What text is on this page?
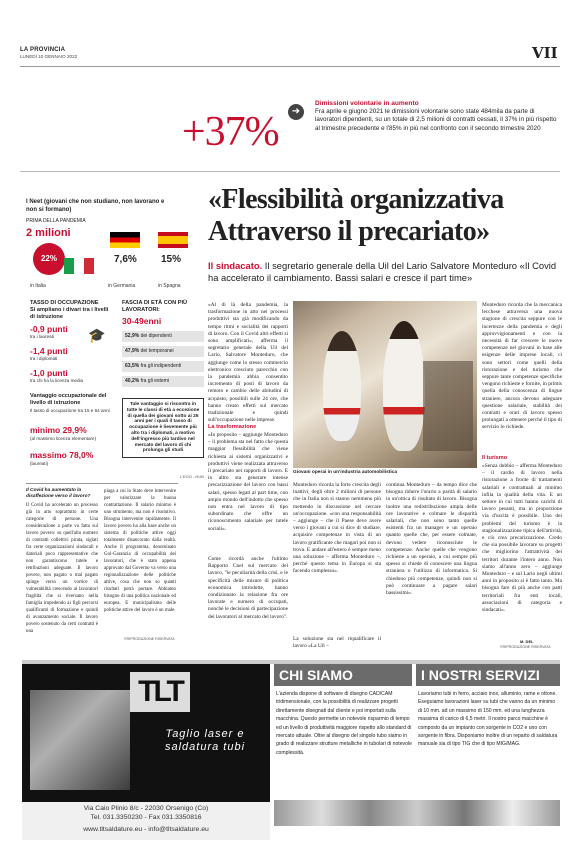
LA PROVINCIA
LUNEDÌ 10 GENNAIO 2022	VII
+37%	➜
Dimissioni volontarie in aumento
Fra aprile e giugno 2021 le dimissioni volontarie sono state 484mila da parte di lavoratori dipendenti, su un totale di 2,5 milioni di contratti cessati, il 37% in più rispetto al trimestre precedente e l'85% in più nel confronto con il secondo trimestre 2020
I Neet (giovani che non studiano, non lavorano e non si formano)
PRIMA DELLA PANDEMIA
2 milioni
22%
in Italia
7,6%
in Germania
15%
in Spagna
TASSO DI OCCUPAZIONE
Si ampliano i divari tra i livelli di istruzione
-0,9 punti
tra i laureati
-1,4 punti
tra i diplomati
-1,0 punti
tra chi ha la licenza media
🎓
FASCIA DI ETÀ CON PIÙ LAVORATORI:
30-49enni
52,9% dei dipendenti
47,9% dei temporanei
63,5% fra gli indipendenti
40,2% fra gli esterni
Vantaggio occupazionale del livello di istruzione
Il tasso di occupazione tra 15 e 64 anni
minimo 29,9%
(al massimo licenza elementare)
massimo 78,0%
(laureati)
Tale vantaggio si riscontra in tutte le classi di età a eccezione di quella dei giovani sotto ai 25 anni per i quali il tasso di occupazione è lievemente più alto tra i diplomati, a motivo dell'ingresso più tardivo nel mercato del lavoro di chi prolunga gli studi
L'EGO - HUB
Il Covid ha aumentato la disaffezione verso il lavoro?
Il Covid ha accelerato un processo già in atto soprattutto in certe categorie di persone. Una considerazione a parte va fatta sul lavoro povero: su quell'alto numero di contratti collettivi pirata, siglati fra certe organizzazioni sindacali e datoriali poco rappresentative che non garantiscono tutele e retribuzioni adeguate. Il lavoro povero, non pagato o mal pagato spinge verso un vortice di vulnerabilità crescendo al lavoratori fragilità che si riversano nella famiglia impedendo ai figli percorsi qualificanti di formazione e quindi di avanzamento sociale. Il lavoro povero sostenuto da certi contratti è una
piaga a cui lo Stato deve intervenire per valorizzare la buona contrattazione. Il salario minimo è uno strumento, ma non è risolutivo. Bisogna intervenire rapidamente. Il lavoro povero ha alla base anche un sistema di politiche attive oggi totalmente disancorato dalla realtà. Anche il programma, denominato Gol-Garanzia di occupabilità dei lavoratori, che è stato appena approvato dal Governo va verso una regionalizzazione delle politiche attive, cosa che non so quanti risultati potrà portare. Abbiamo bisogno di una politica nazionale ed europea. E municipalismo delle politiche attive del lavoro è un male.
©RIPRODUZIONE RISERVATA
«Flessibilità organizzativa Attraverso il precariato»
Il sindacato. Il segretario generale della Uil del Lario Salvatore Monteduro «Il Covid ha accelerato il cambiamento. Bassi salari e cresce il part time»
«Al di là della pandemia, la trasformazione in atto nei processi produttivi sta già modificando da tempo ritmi e socialità dei rapporti di lavoro. Con il Covid altri effetti si sono amplificati», afferma il segretario generale della Uil del Lario, Salvatore Monteduro, che aggiunge come lo stesso commercio elettronico cresciuto parecchio con la pandemia abbia consentito incremento di posti di lavoro da remoto e cambio delle abitudini di acquisto, possibili sulle 24 ore, che hanno creato effetti sul mercato tradizionale e quindi sull'occupazione nelle imprese.
La trasformazione
«In proposito – aggiunge Monteduro – il problema sta nel fatto che questa maggior flessibilità che viene richiesta ai sistemi organizzativi e produttivi viene realizzata attraverso il precariato nei rapporti di lavoro. E in altro sta generare intense precarizzazione del lavoro con bassi salari, spesso legati al part time, con ampio mondo dell'indotto che spesso non entra nel lavoro di tipo subordinato che offre un riconoscimento salariale per tutele sociali».
Come ricordà anche l'ultimo Rapporto Cnel sul mercato del lavoro, "le peculiarità della crisi, e le specificità delle misure di politica economica introdotte, hanno condizionato la relazione fra ore lavorate e numero di occupati, nonché le decisioni di partecipazione dei lavoratori al mercato del lavoro".
Giovani operai in un'industria automobilistica
Monteduro ricorda la forte crescita degli inattivi, degli oltre 2 milioni di persone che in Italia non si stanno nemmeno più mettendo in discussione nel cercare un'occupazione. «con una responsabilità – aggiunge – che il Paese deve avere verso i giovani a cui si dice di studiare, acquisire competenze in vista di un lavoro gratificante che magari poi non si trova. E andare all'estero è sempre meno una soluzione – afferma Monteduro –, perché questo tema in Europa si sta facendo complesso».
La soluzione sta nel riqualificare il lavoro «La Uil –
continua Monteduro – da tempo dice che bisogna ridurre l'orario a parità di salario in un'ottica di risultato di lavoro. Bisogna inoltre una redistribuzione ampia delle ore lavorative e colmare le disparità salariali, che non sono tanto quelle esistenti fra un manager e un operaio quanto quelle che, per essere colmate, devono vedere riconosciute le competenze. Anche quelle che vengono richieste a un operaio, a cui sempre più spesso si chiede di conoscere una lingua straniera o l'utilizzo di informatica. Si chiedono più competenze, quindi non si può continuare a pagare salari bassissimi».
Monteduro ricorda che la meccanica lecchese attraversa una nuova stagione di crescita seppure con le incertezze della pandemia e degli approvvigionamenti e con la necessità di far crescere le nuove competenze nei giovani in base alle esigenze delle imprese locali, ci sono settori come quelli della ristorazione e del turismo che seppure tante competenze specifiche vengono richieste e fornite, in primis quella della conoscenza di lingue straniere, ancora devono adeguare questione salariale, stabilità dei contratti e orari di lavoro spesso prolungati a ottenere perché il tipo di servizio lo richiede.
Il turismo
«Senza dubbio – afferma Monteduro – il cardio di lavoro nella ristorazione a fronte di trattamenti salariali e contrattuali al minimo infila la qualità della vita. E un settore in cui tutti hanno carichi di lavoro pesanti, ma in proporzione via d'uscita è possibile. Uno dei problemi del turismo è la stagionalizzazione tipica dell'attività, e ciò crea precarizzazione. Credo che sia possibile lavorare su progetti che migliorino l'attrattività dei territori durante l'intero anno. Non siamo all'anno zero – aggiunge Monteduro – e sul Lario negli ultimi anni in proposito si è fatto tanto. Ma bisogna fare di più anche con patti territoriali fra enti locali, associazioni di categoria e sindacati».
M. DEL
©RIPRODUZIONE RISERVATA
TLT
Taglio laser e saldatura tubi
Via Caio Plinio 8/c - 22030 Orsenigo (Co)
Tel. 031.3350230 - Fax 031.3350816
www.tltsaldature.eu - info@tltsaldature.eu
CHI SIAMO
L'azienda dispone di software di disegno CAD/CAM tridimensionale, con la possibilità di realizzare progetti direttamente disegnati dal cliente e poi importati sulla macchina. Questo permette un notevole risparmio di tempo ed un livello di produttività maggiore rispetto allo standard di mercato attuale. Oltre al disegno del singolo tubo siamo in grado di realizzare strutture metalliche in tubolari di notevole complessità.
I NOSTRI SERVIZI
Lavoriamo tubi in ferro, acciaio inox, alluminio, rame e ottone. Eseguiamo lavorazioni laser su tubi che vanno da un minimo di 10 mm. ad un massimo di 150 mm. ed una lunghezza massima di carico di 6,5 metri. Il nostro parco macchine è composto da un impianto con sorgente in CO2 e uno con sorgente in fibra. Disponiamo inoltre di un reparto di saldatura manuale sia di tipo TIG che di tipo MIG/MAG.
